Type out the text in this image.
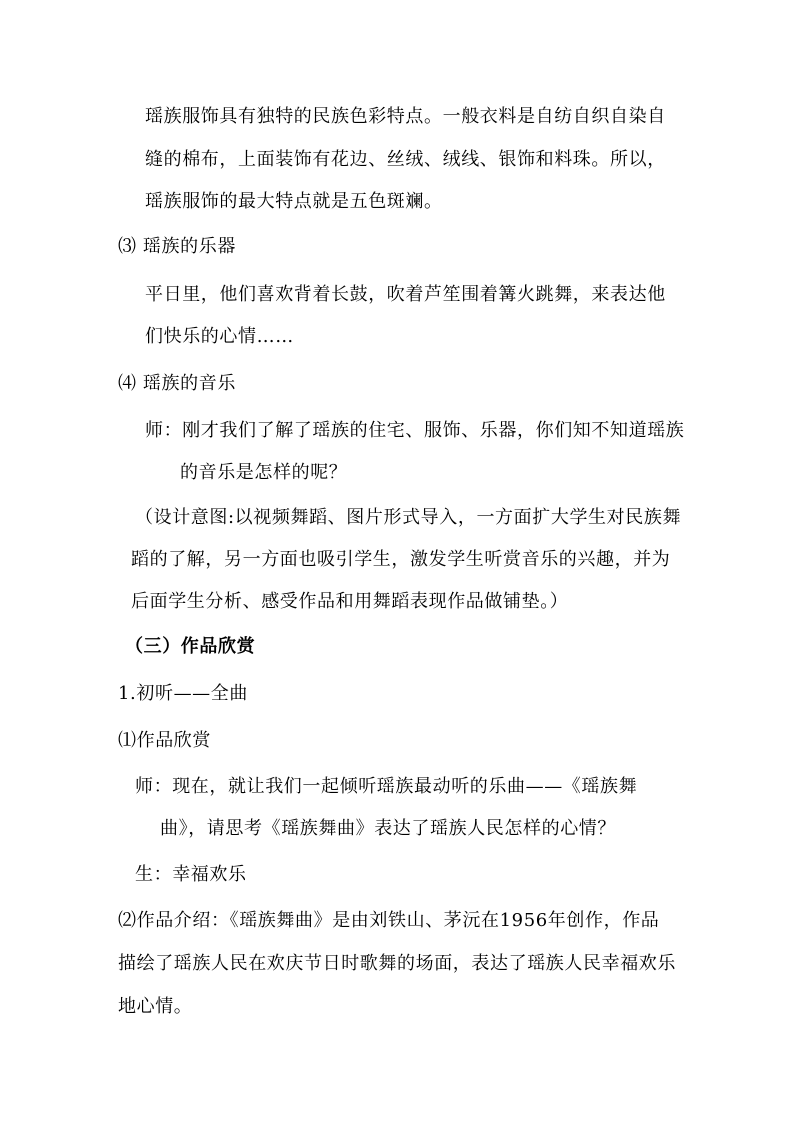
瑶族服饰具有独特的民族色彩特点。一般衣料是自纺自织自染自
缝的棉布，上面装饰有花边、丝绒、绒线、银饰和料珠。所以，
瑶族服饰的最大特点就是五色斑斓。
⑶ 瑶族的乐器
平日里，他们喜欢背着长鼓，吹着芦笙围着篝火跳舞，来表达他
们快乐的心情……
⑷ 瑶族的音乐
师：刚才我们了解了瑶族的住宅、服饰、乐器，你们知不知道瑶族
的音乐是怎样的呢？
（设计意图:以视频舞蹈、图片形式导入，一方面扩大学生对民族舞
蹈的了解，另一方面也吸引学生，激发学生听赏音乐的兴趣，并为
后面学生分析、感受作品和用舞蹈表现作品做铺垫。）
（三）作品欣赏
1.初听——全曲
⑴作品欣赏
师：现在，就让我们一起倾听瑶族最动听的乐曲——《瑶族舞
曲》，请思考《瑶族舞曲》表达了瑶族人民怎样的心情？
生：幸福欢乐
⑵作品介绍：《瑶族舞曲》是由刘铁山、茅沅在1956年创作，作品
描绘了瑶族人民在欢庆节日时歌舞的场面，表达了瑶族人民幸福欢乐
地心情。
